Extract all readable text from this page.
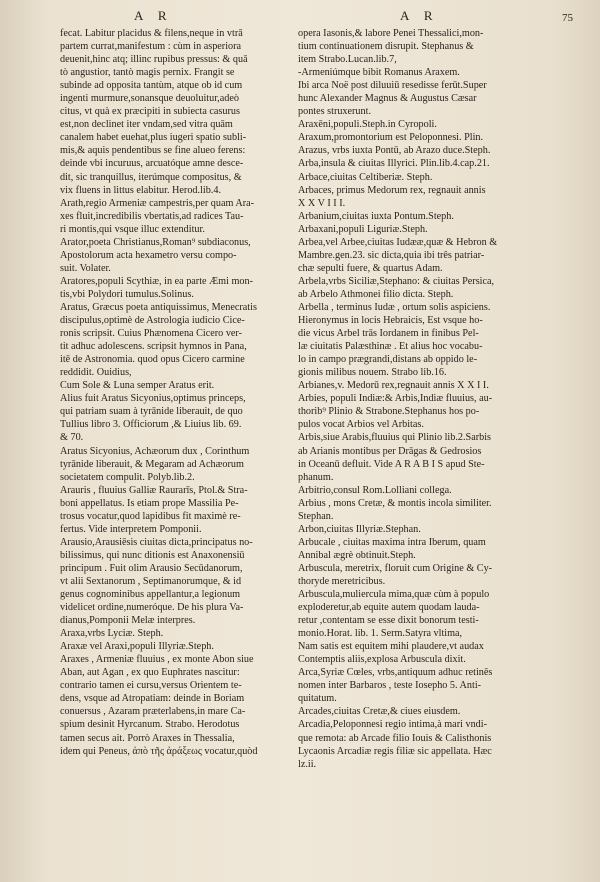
A R	A R	75
fecat. Labitur placidus & filens,neque in vtrā
partem currat,manifestum : cùm in asperiora
deuenit,hinc atq; illinc rupibus pressus: & quā
tò angustior, tantò magis pernix. Frangit se
subinde ad opposita tantùm, atque ob id cum
ingenti murmure,sonansque deuoluitur,adeò
citus, vt quà ex præcipiti in subiecta casurus
est,non declinet iter vndam,sed vitra quām
canalem habet euehat,plus iugeri spatio subli-
mis,& aquis pendentibus se fine alueo ferens:
deinde vbi incuruus, arcuatóque amne desce-
dit, sic tranquillus, iterúmque compositus, &
vix fluens in littus elabitur. Herod.lib.4.
Arath,regio Armeniæ campestris,per quam Ara-
xes fluit,incredibilis vbertatis,ad radices Tau-
ri montis,qui vsque illuc extenditur.
Arator,poeta Christianus,Roman⁹ subdiaconus,
Apostolorum acta hexametro versu compo-
suit. Volater.
Aratores,populi Scythiæ, in ea parte Æmi mon-
tis,vbi Polydori tumulus.Solinus.
Aratus, Græcus poeta antiquissimus, Menecratis
discipulus,optimè de Astrologia iudicio Cice-
ronis scripsit. Cuius Phænomena Cicero ver-
tit adhuc adolescens. scripsit hymnos in Pana,
itē de Astronomia. quod opus Cicero carmine
reddidit. Ouidius,
Cum Sole & Luna semper Aratus erit.
Alius fuit Aratus Sicyonius,optimus princeps,
qui patriam suam à tyrānide liberauit, de quo
Tullius libro 3. Officiorum ,& Liuius lib. 69.
& 70.
Aratus Sicyonius, Achæorum dux , Corinthum
tyrānide liberauit, & Megaram ad Achæorum
societatem compulit. Polyb.lib.2.
Arauris , fluuius Galliæ Raurarīs, Ptol.& Stra-
boni appellatus. Is etiam prope Massilia Pe-
trosus vocatur,quod lapidibus fit maximè re-
fertus. Vide interpretem Pomponii.
Arausio,Arausiēsis ciuitas dicta,principatus no-
bilissimus, qui nunc ditionis est Anaxonensiū
principum . Fuit olim Arausio Secūdanorum,
vt alii Sextanorum , Septimanorumque, & id
genus cognominibus appellantur,a legionum
videlicet ordine,numeróque. De his plura Va-
dianus,Pomponii Melæ interpres.
Araxa,vrbs Lyciæ. Steph.
Araxæ vel Araxi,populi Illyriæ.Steph.
Araxes , Armeniæ fluuius , ex monte Abon siue
Aban, aut Agan , ex quo Euphrates nascitur:
contrario tamen ei cursu,versus Orientem te-
dens, vsque ad Atropatiam: deinde in Boriam
conuersus , Azaram præterlabens,in mare Ca-
spium desinit Hyrcanum. Strabo. Herodotus
tamen secus ait. Porrò Araxes in Thessalia,
idem qui Peneus, ἀπὸ τῆς ἀράξεως vocatur,quòd
opera Iasonis,& labore Penei Thessalici,mon-
tium continuationem disrupit. Stephanus &
item Strabo.Lucan.lib.7,
-Armeniúmque bibit Romanus Araxem.
Ibi arca Noë post diluuiū resedisse ferūt.Super
hunc Alexander Magnus & Augustus Cæsar
pontes struxerunt.
Araxēni,populi.Steph.in Cyropoli.
Araxum,promontorium est Peloponnesi. Plin.
Arazus, vrbs iuxta Pontū, ab Arazo duce.Steph.
Arba,insula & ciuitas Illyrici. Plin.lib.4.cap.21.
Arbace,ciuitas Celtiberiæ. Steph.
Arbaces, primus Medorum rex, regnauit annis
X X V I I I.
Arbanium,ciuitas iuxta Pontum.Steph.
Arbaxani,populi Liguriæ.Steph.
Arbea,vel Arbee,ciuitas Iudææ,quæ & Hebron &
Mambre.gen.23. sic dicta,quia ibi três patriar-
chæ sepulti fuere, & quartus Adam.
Arbela,vrbs Siciliæ,Stephano: & ciuitas Persica,
ab Arbelo Athmonei filio dicta. Steph.
Arbella , terminus Iudæ , ortum solis aspiciens.
Hieronymus in locis Hebraicis, Est vsque ho-
die vicus Arbel trās Iordanem in finibus Pel-
læ ciuitatis Palæsthinæ . Et alius hoc vocabu-
lo in campo prægrandi,distans ab oppido le-
gionis milibus nouem. Strabo lib.16.
Arbianes,v. Medorū rex,regnauit annis X X I I.
Arbies, populi Indiæ:& Arbis,Indiæ fluuius, au-
thorib⁹ Plinio & Strabone.Stephanus hos po-
pulos vocat Arbios vel Arbitas.
Arbis,siue Arabis,fluuius qui Plinio lib.2.Sarbis
ab Arianis montibus per Drāgas & Gedrosios
in Oceanū defluit. Vide A R A B I S apud Ste-
phanum.
Arbitrio,consul Rom.Lolliani collega.
Arbius , mons Cretæ, & montis incola similiter.
Stephan.
Arbon,ciuitas Illyriæ.Stephan.
Arbucale , ciuitas maxima intra Iberum, quam
Annibal ægrè obtinuit.Steph.
Arbuscula, meretrix, floruit cum Origine & Cy-
thoryde meretricibus.
Arbuscula,muliercula mima,quæ cùm à populo
exploderetur,ab equite autem quodam lauda-
retur ,contentam se esse dixit bonorum testi-
monio.Horat. lib. 1. Serm.Satyra vltima,
Nam satis est equitem mihi plaudere,vt audax
Contemptis aliis,explosa Arbuscula dixit.
Arca,Syriæ Cœles, vrbs,antiquum adhuc retinēs
nomen inter Barbaros , teste Iosepho 5. Anti-
quitatum.
Arcades,ciuitas Cretæ,& ciues eiusdem.
Arcadia,Peloponnesi regio intima,à mari vndi-
que remota: ab Arcade filio Iouis & Calisthonis
Lycaonis Arcadiæ regis filiæ sic appellata. Hæc
lz.ii.
